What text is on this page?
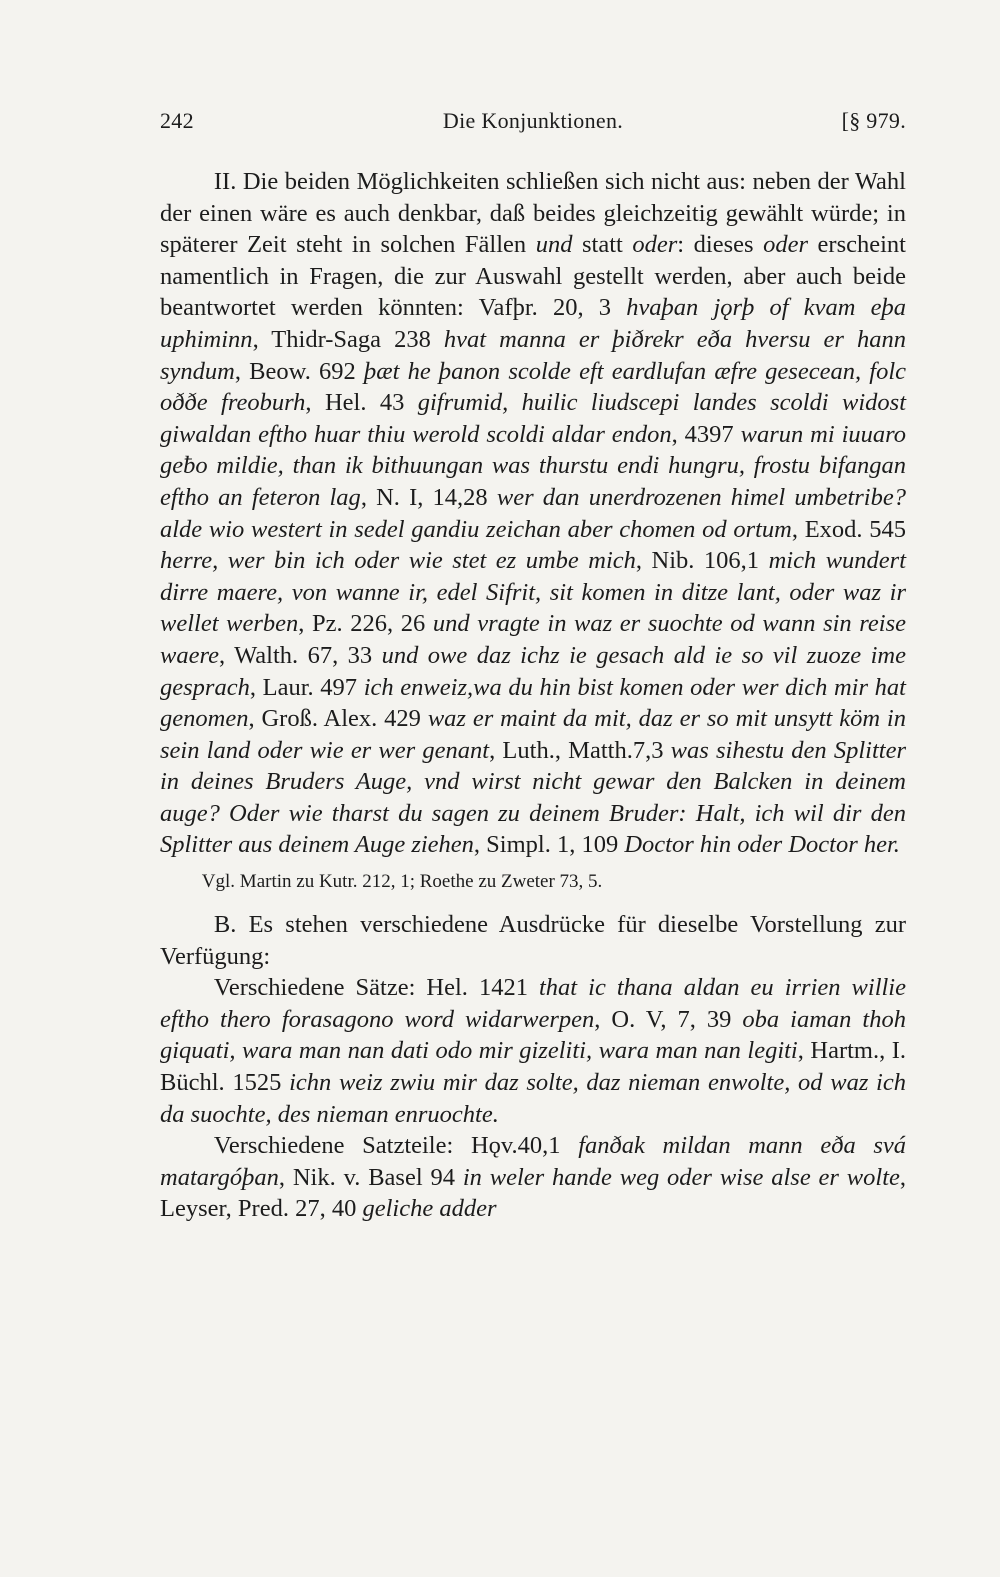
242	Die Konjunktionen.	[§ 979.

II. Die beiden Möglichkeiten schließen sich nicht aus: neben der Wahl der einen wäre es auch denkbar, daß beides gleichzeitig gewählt würde; in späterer Zeit steht in solchen Fällen und statt oder: dieses oder erscheint namentlich in Fragen, die zur Auswahl gestellt werden, aber auch beide beantwortet werden könnten: Vafþr. 20, 3 hvaþan jǫrþ of kvam eþa uphiminn, Thidr-Saga 238 hvat manna er þiðrekr eða hversu er hann syndum, Beow. 692 þæt he þanon scolde eft eardlufan æfre gesecean, folc oððe freoburh, Hel. 43 gifrumid, huilic liudscepi landes scoldi widost giwaldan eftho huar thiu werold scoldi aldar endon, 4397 warun mi iuuaro geƀo mildie, than ik bithuungan was thurstu endi hungru, frostu bifangan eftho an feteron lag, N. I, 14,28 wer dan unerdrozenen himel umbetribe? alde wio westert in sedel gandiu zeichan aber chomen od ortum, Exod. 545 herre, wer bin ich oder wie stet ez umbe mich, Nib. 106,1 mich wundert dirre maere, von wanne ir, edel Sifrit, sit komen in ditze lant, oder waz ir wellet werben, Pz. 226, 26 und vragte in waz er suochte od wann sin reise waere, Walth. 67, 33 und owe daz ichz ie gesach ald ie so vil zuoze ime gesprach, Laur. 497 ich enweiz,wa du hin bist komen oder wer dich mir hat genomen, Groß. Alex. 429 waz er maint da mit, daz er so mit unsytt köm in sein land oder wie er wer genant, Luth., Matth.7,3 was sihestu den Splitter in deines Bruders Auge, vnd wirst nicht gewar den Balcken in deinem auge? Oder wie tharst du sagen zu deinem Bruder: Halt, ich wil dir den Splitter aus deinem Auge ziehen, Simpl. 1, 109 Doctor hin oder Doctor her.

Vgl. Martin zu Kutr. 212, 1; Roethe zu Zweter 73, 5.

B. Es stehen verschiedene Ausdrücke für dieselbe Vorstellung zur Verfügung:

Verschiedene Sätze: Hel. 1421 that ic thana aldan eu irrien willie eftho thero forasagono word widarwerpen, O. V, 7, 39 oba iaman thoh giquati, wara man nan dati odo mir gizeliti, wara man nan legiti, Hartm., I. Büchl. 1525 ichn weiz zwiu mir daz solte, daz nieman enwolte, od waz ich da suochte, des nieman enruochte.

Verschiedene Satzteile: Hǫv.40,1 fanðak mildan mann eða svá matargóþan, Nik. v. Basel 94 in weler hande weg oder wise alse er wolte, Leyser, Pred. 27, 40 geliche adder
